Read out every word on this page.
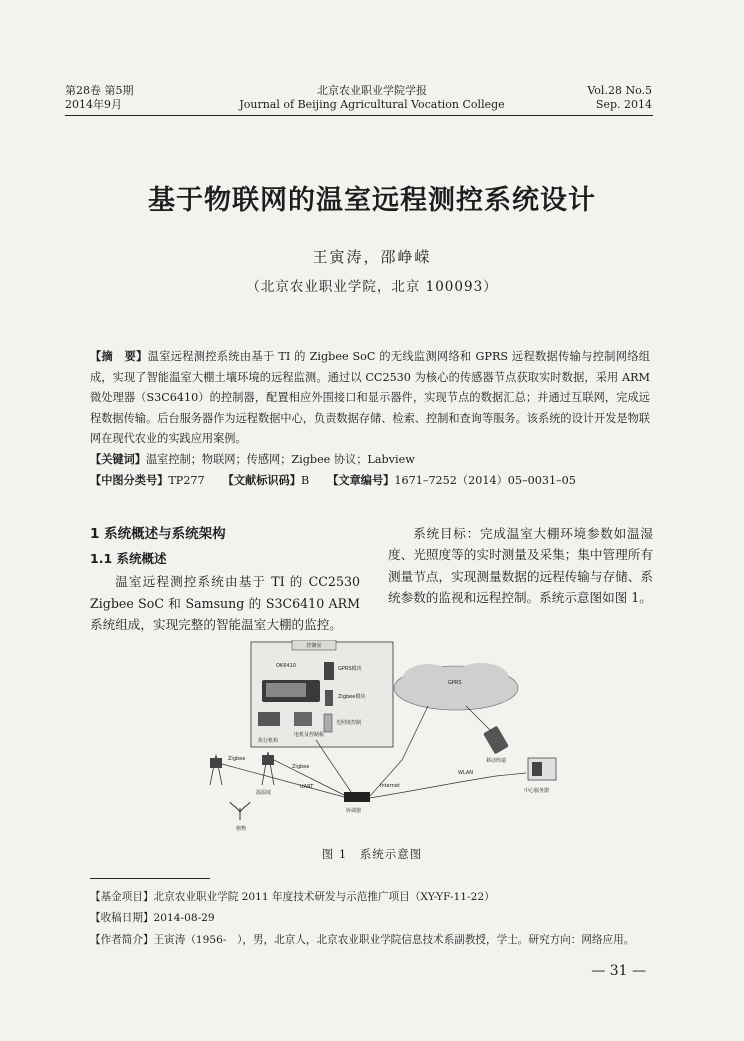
第28卷 第5期
2014年9月
北京农业职业学院学报
Journal of Beijing Agricultural Vocation College
Vol.28 No.5
Sep. 2014
基于物联网的温室远程测控系统设计
王寅涛，邵峥嵘
（北京农业职业学院，北京 100093）
【摘　要】温室远程测控系统由基于 TI 的 Zigbee SoC 的无线监测网络和 GPRS 远程数据传输与控制网络组成，实现了智能温室大棚土壤环境的远程监测。通过以 CC2530 为核心的传感器节点获取实时数据，采用 ARM 微处理器（S3C6410）的控制器，配置相应外围接口和显示器件，实现节点的数据汇总；并通过互联网，完成远程数据传输。后台服务器作为远程数据中心，负责数据存储、检索、控制和查询等服务。该系统的设计开发是物联网在现代农业的实践应用案例。
【关键词】温室控制；物联网；传感网；Zigbee 协议；Labview
【中图分类号】TP277 【文献标识码】B 【文章编号】1671–7252（2014）05–0031–05
1 系统概述与系统架构
1.1 系统概述
温室远程测控系统由基于 TI 的 CC2530 Zigbee SoC 和 Samsung 的 S3C6410 ARM 系统组成，实现完整的智能温室大棚的监控。
系统目标：完成温室大棚环境参数如温湿度、光照度等的实时测量及采集；集中管理所有测量节点，实现测量数据的远程传输与存储、系统参数的监视和远程控制。系统示意图如图 1。
控制室
OK6410	GPRS模块
Zigbee模块
电机及控制板
光照度控制
执行机构
GPRS
移动终端
Zigbee
Zigbee
温湿度
植物
协调器
UART	Internet
WLAN
中心服务器
图 1　系统示意图
【基金项目】北京农业职业学院 2011 年度技术研发与示范推广项目（XY-YF-11-22）
【收稿日期】2014-08-29
【作者简介】王寅涛（1956-　），男，北京人，北京农业职业学院信息技术系副教授，学士。研究方向：网络应用。
— 31 —
